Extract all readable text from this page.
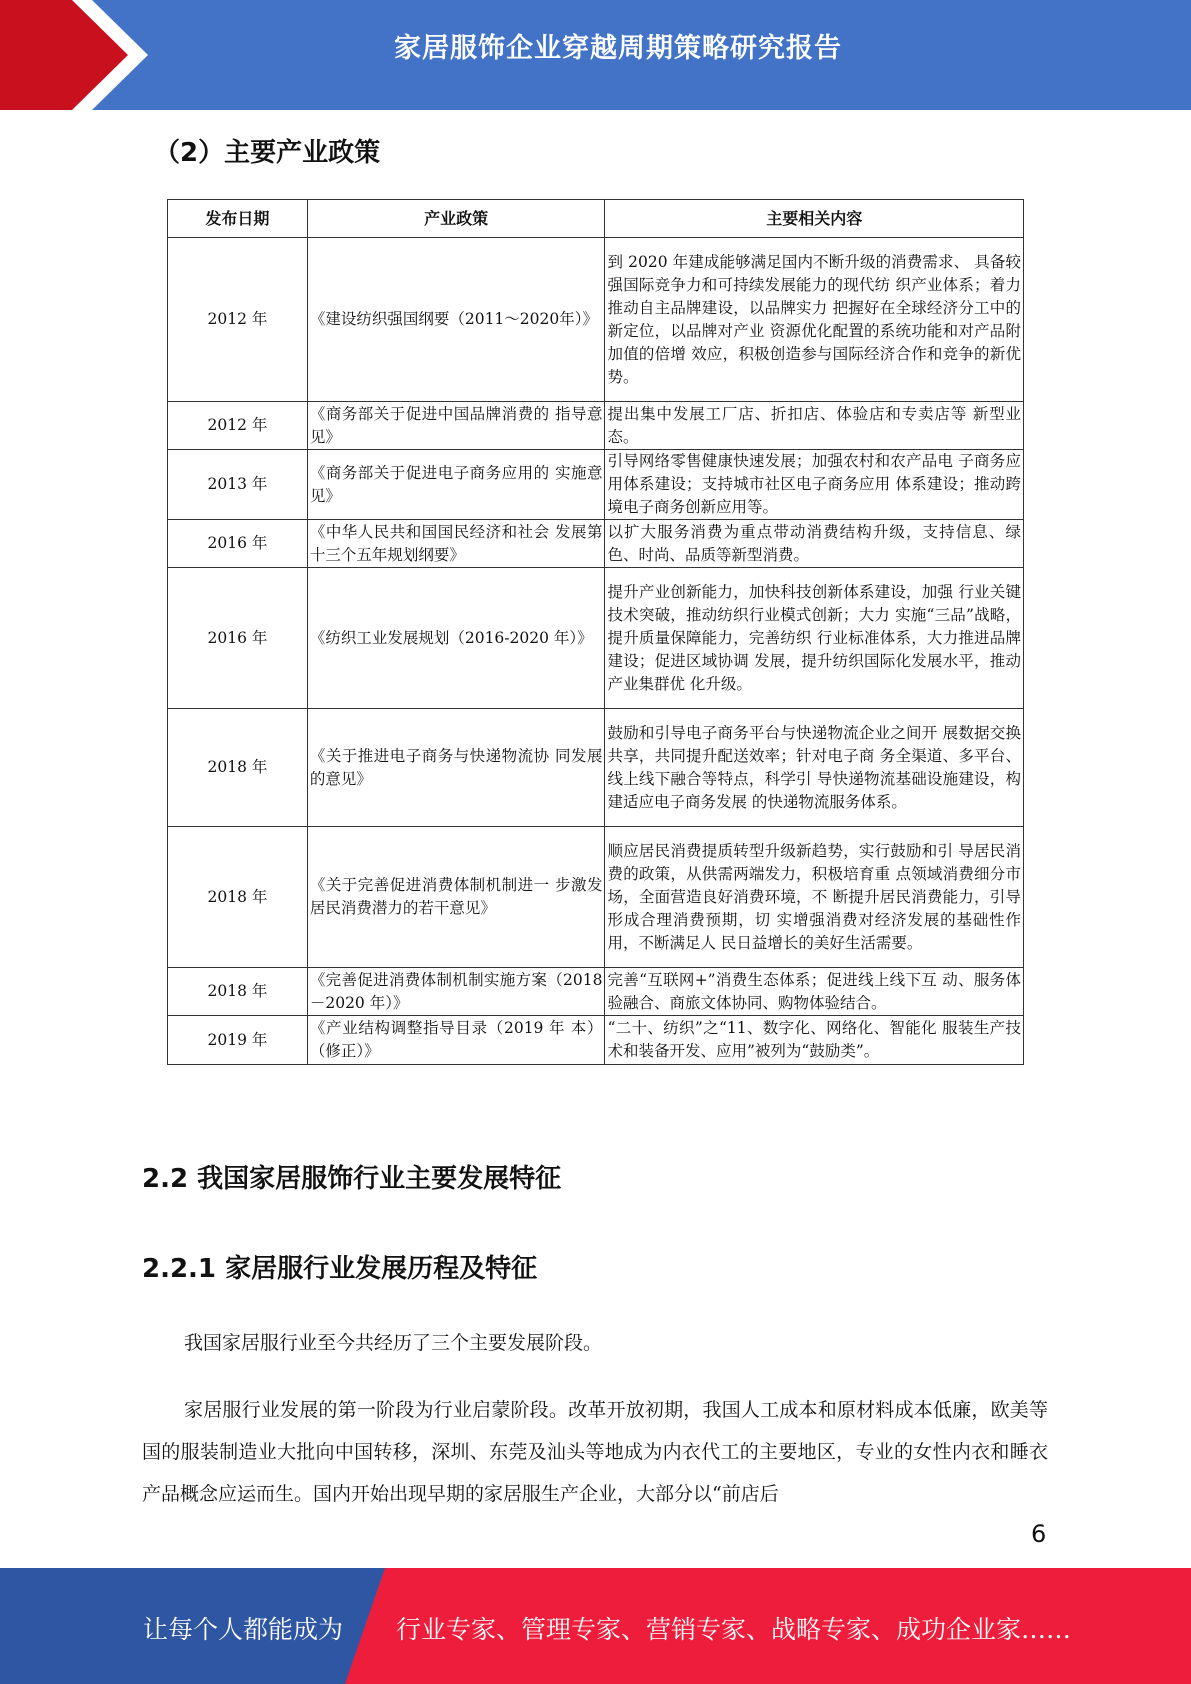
家居服饰企业穿越周期策略研究报告
（2）主要产业政策
发布日期	产业政策	主要相关内容
2012 年	《建设纺织强国纲要（2011～2020年）》	到 2020 年建成能够满足国内不断升级的消费需求、 具备较强国际竞争力和可持续发展能力的现代纺 织产业体系；着力推动自主品牌建设，以品牌实力 把握好在全球经济分工中的新定位，以品牌对产业 资源优化配置的系统功能和对产品附加值的倍增 效应，积极创造参与国际经济合作和竞争的新优 势。
2012 年	《商务部关于促进中国品牌消费的 指导意见》	提出集中发展工厂店、折扣店、体验店和专卖店等 新型业态。
2013 年	《商务部关于促进电子商务应用的 实施意见》	引导网络零售健康快速发展；加强农村和农产品电 子商务应用体系建设；支持城市社区电子商务应用 体系建设；推动跨境电子商务创新应用等。
2016 年	《中华人民共和国国民经济和社会 发展第十三个五年规划纲要》	以扩大服务消费为重点带动消费结构升级，支持信息、绿色、时尚、品质等新型消费。
2016 年	《纺织工业发展规划（2016-2020 年）》	提升产业创新能力，加快科技创新体系建设，加强 行业关键技术突破，推动纺织行业模式创新；大力 实施“三品”战略，提升质量保障能力，完善纺织 行业标准体系，大力推进品牌建设；促进区域协调 发展，提升纺织国际化发展水平，推动产业集群优 化升级。
2018 年	《关于推进电子商务与快递物流协 同发展的意见》	鼓励和引导电子商务平台与快递物流企业之间开 展数据交换共享，共同提升配送效率；针对电子商 务全渠道、多平台、线上线下融合等特点，科学引 导快递物流基础设施建设，构建适应电子商务发展 的快递物流服务体系。
2018 年	《关于完善促进消费体制机制进一 步激发居民消费潜力的若干意见》	顺应居民消费提质转型升级新趋势，实行鼓励和引 导居民消费的政策，从供需两端发力，积极培育重 点领域消费细分市场，全面营造良好消费环境，不 断提升居民消费能力，引导形成合理消费预期，切 实增强消费对经济发展的基础性作用，不断满足人 民日益增长的美好生活需要。
2018 年	《完善促进消费体制机制实施方案（2018－2020 年）》	完善“互联网+”消费生态体系；促进线上线下互 动、服务体验融合、商旅文体协同、购物体验结合。
2019 年	《产业结构调整指导目录（2019 年 本）（修正）》	“二十、纺织”之“11、数字化、网络化、智能化 服装生产技术和装备开发、应用”被列为“鼓励类”。
2.2 我国家居服饰行业主要发展特征
2.2.1 家居服行业发展历程及特征
我国家居服行业至今共经历了三个主要发展阶段。
家居服行业发展的第一阶段为行业启蒙阶段。改革开放初期，我国人工成本和原材料成本低廉，欧美等国的服装制造业大批向中国转移，深圳、东莞及汕头等地成为内衣代工的主要地区，专业的女性内衣和睡衣产品概念应运而生。国内开始出现早期的家居服生产企业，大部分以“前店后
6
让每个人都能成为 行业专家、管理专家、营销专家、战略专家、成功企业家……
